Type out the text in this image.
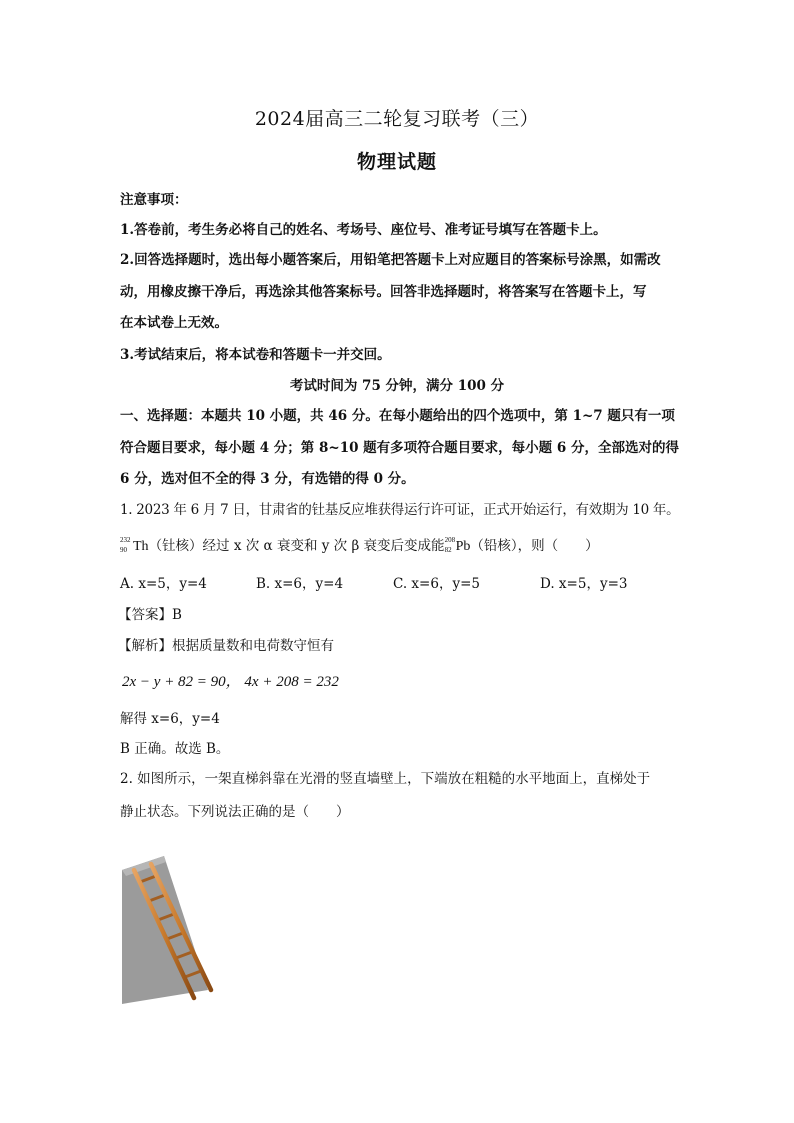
2024届高三二轮复习联考（三）
物理试题
注意事项：
1.答卷前，考生务必将自己的姓名、考场号、座位号、准考证号填写在答题卡上。
2.回答选择题时，选出每小题答案后，用铅笔把答题卡上对应题目的答案标号涂黑，如需改
动，用橡皮擦干净后，再选涂其他答案标号。回答非选择题时，将答案写在答题卡上，写
在本试卷上无效。
3.考试结束后，将本试卷和答题卡一并交回。
考试时间为 75 分钟，满分 100 分
一、选择题：本题共 10 小题，共 46 分。在每小题给出的四个选项中，第 1~7 题只有一项
符合题目要求，每小题 4 分；第 8~10 题有多项符合题目要求，每小题 6 分，全部选对的得
6 分，选对但不全的得 3 分，有选错的得 0 分。
1. 2023 年 6 月 7 日，甘肃省的钍基反应堆获得运行许可证，正式开始运行，有效期为 10 年。
232
90 Th（钍核）经过 x 次 α 衰变和 y 次 β 衰变后变成能 208
82 Pb（铅核），则（　　）
A. x=5，y=4	B. x=6，y=4	C. x=6，y=5	D. x=5，y=3
【答案】B
【解析】根据质量数和电荷数守恒有
2x − y + 82 = 90， 4x + 208 = 232
解得 x=6，y=4
B 正确。故选 B。
2. 如图所示，一架直梯斜靠在光滑的竖直墙壁上，下端放在粗糙的水平地面上，直梯处于
静止状态。下列说法正确的是（　　）
